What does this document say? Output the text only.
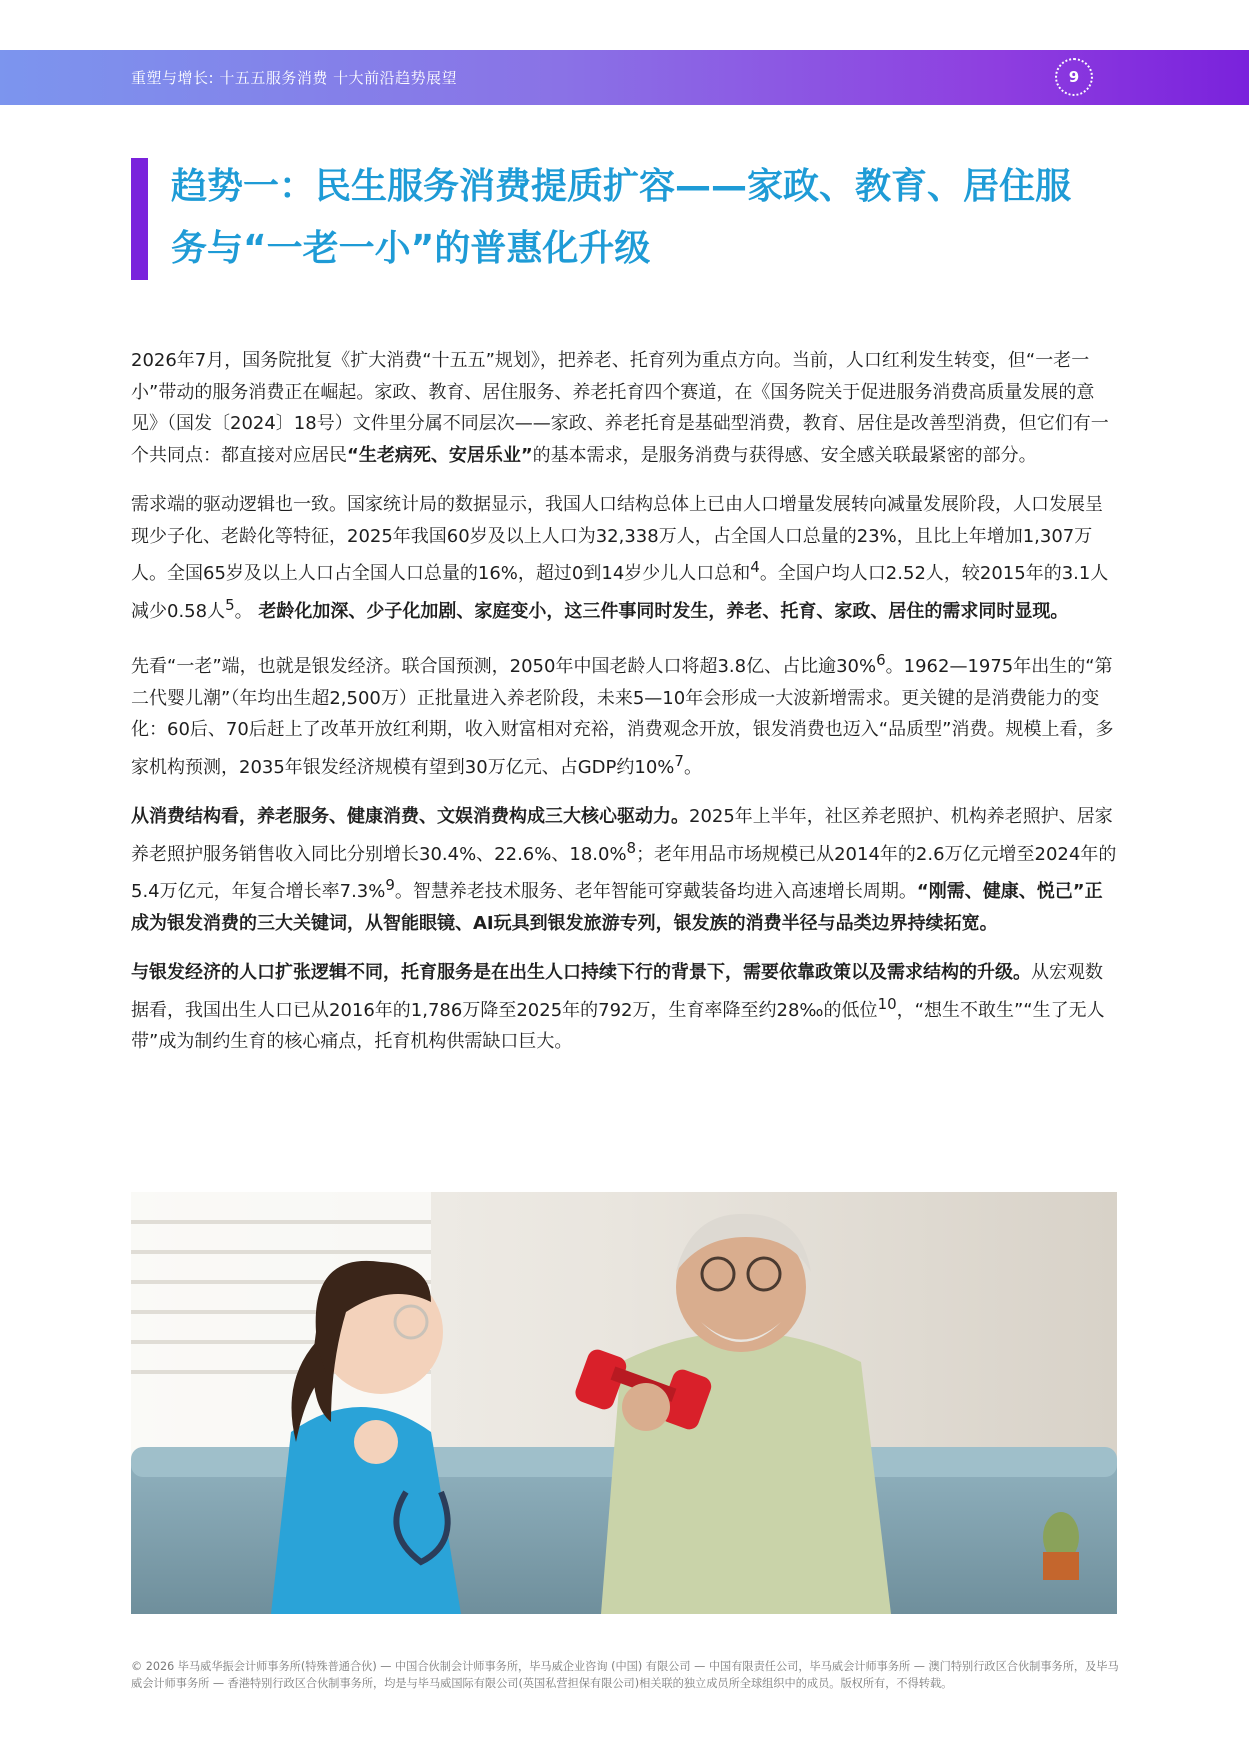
重塑与增长: 十五五服务消费 十大前沿趋势展望	9
趋势一：民生服务消费提质扩容——家政、教育、居住服
务与“一老一小”的普惠化升级

2026年7月，国务院批复《扩大消费“十五五”规划》，把养老、托育列为重点方向。当前，人口红利发生转变，但“一老一小”带动的服务消费正在崛起。家政、教育、居住服务、养老托育四个赛道，在《国务院关于促进服务消费高质量发展的意见》（国发〔2024〕18号）文件里分属不同层次——家政、养老托育是基础型消费，教育、居住是改善型消费，但它们有一个共同点：都直接对应居民“生老病死、安居乐业”的基本需求，是服务消费与获得感、安全感关联最紧密的部分。

需求端的驱动逻辑也一致。国家统计局的数据显示，我国人口结构总体上已由人口增量发展转向减量发展阶段，人口发展呈现少子化、老龄化等特征，2025年我国60岁及以上人口为32,338万人，占全国人口总量的23%，且比上年增加1,307万人。全国65岁及以上人口占全国人口总量的16%，超过0到14岁少儿人口总和$^4$。全国户均人口2.52人，较2015年的3.1人减少0.58人$^5$。 老龄化加深、少子化加剧、家庭变小，这三件事同时发生，养老、托育、家政、居住的需求同时显现。

先看“一老”端，也就是银发经济。联合国预测，2050年中国老龄人口将超3.8亿、占比逾30%$^6$。1962—1975年出生的“第二代婴儿潮”（年均出生超2,500万）正批量进入养老阶段，未来5—10年会形成一大波新增需求。更关键的是消费能力的变化：60后、70后赶上了改革开放红利期，收入财富相对充裕，消费观念开放，银发消费也迈入“品质型”消费。规模上看，多家机构预测，2035年银发经济规模有望到30万亿元、占GDP约10%$^7$。

从消费结构看，养老服务、健康消费、文娱消费构成三大核心驱动力。2025年上半年，社区养老照护、机构养老照护、居家养老照护服务销售收入同比分别增长30.4%、22.6%、18.0%$^8$；老年用品市场规模已从2014年的2.6万亿元增至2024年的5.4万亿元，年复合增长率7.3%$^9$。智慧养老技术服务、老年智能可穿戴装备均进入高速增长周期。“刚需、健康、悦己”正成为银发消费的三大关键词，从智能眼镜、AI玩具到银发旅游专列，银发族的消费半径与品类边界持续拓宽。

与银发经济的人口扩张逻辑不同，托育服务是在出生人口持续下行的背景下，需要依靠政策以及需求结构的升级。从宏观数据看，我国出生人口已从2016年的1,786万降至2025年的792万，生育率降至约28‰的低位$^{10}$，“想生不敢生”“生了无人带”成为制约生育的核心痛点，托育机构供需缺口巨大。

© 2026 毕马威华振会计师事务所(特殊普通合伙) — 中国合伙制会计师事务所，毕马威企业咨询 (中国) 有限公司 — 中国有限责任公司，毕马威会计师事务所 — 澳门特别行政区合伙制事务所，及毕马威会计师事务所 — 香港特别行政区合伙制事务所，均是与毕马威国际有限公司(英国私营担保有限公司)相关联的独立成员所全球组织中的成员。版权所有，不得转载。
